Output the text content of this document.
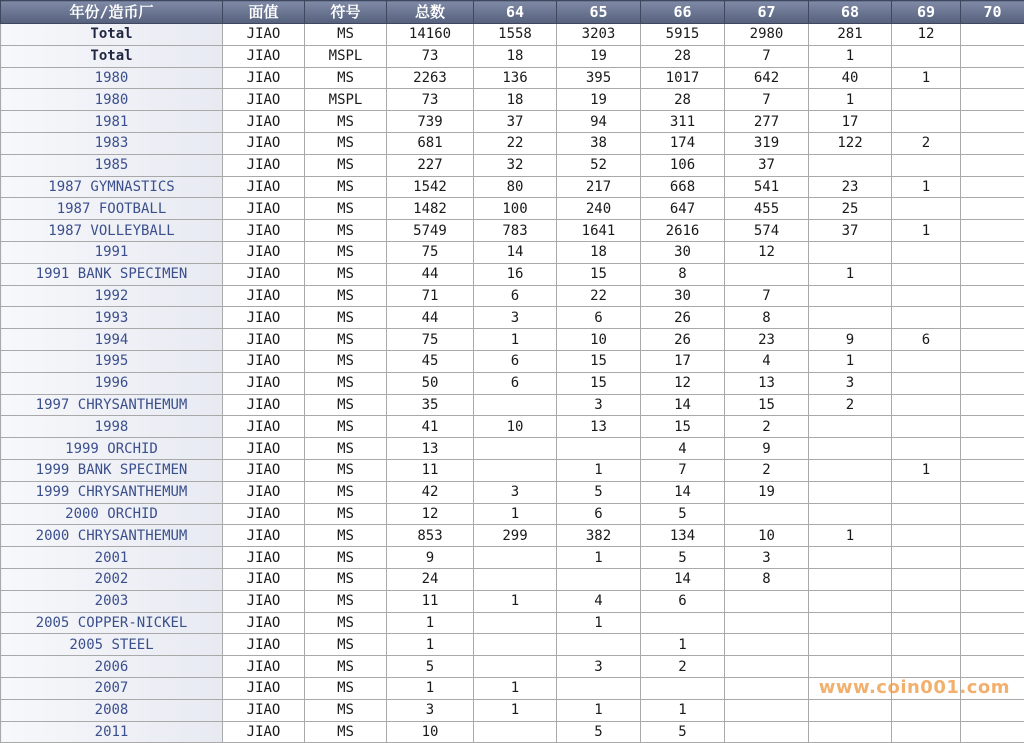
年份/造币厂	面值	符号	总数	64	65	66	67	68	69	70
Total	JIAO	MS	14160	1558	3203	5915	2980	281	12	
Total	JIAO	MSPL	73	18	19	28	7	1		
1980	JIAO	MS	2263	136	395	1017	642	40	1	
1980	JIAO	MSPL	73	18	19	28	7	1		
1981	JIAO	MS	739	37	94	311	277	17		
1983	JIAO	MS	681	22	38	174	319	122	2	
1985	JIAO	MS	227	32	52	106	37			
1987 GYMNASTICS	JIAO	MS	1542	80	217	668	541	23	1	
1987 FOOTBALL	JIAO	MS	1482	100	240	647	455	25		
1987 VOLLEYBALL	JIAO	MS	5749	783	1641	2616	574	37	1	
1991	JIAO	MS	75	14	18	30	12			
1991 BANK SPECIMEN	JIAO	MS	44	16	15	8		1		
1992	JIAO	MS	71	6	22	30	7			
1993	JIAO	MS	44	3	6	26	8			
1994	JIAO	MS	75	1	10	26	23	9	6	
1995	JIAO	MS	45	6	15	17	4	1		
1996	JIAO	MS	50	6	15	12	13	3		
1997 CHRYSANTHEMUM	JIAO	MS	35		3	14	15	2		
1998	JIAO	MS	41	10	13	15	2			
1999 ORCHID	JIAO	MS	13			4	9			
1999 BANK SPECIMEN	JIAO	MS	11		1	7	2		1	
1999 CHRYSANTHEMUM	JIAO	MS	42	3	5	14	19			
2000 ORCHID	JIAO	MS	12	1	6	5				
2000 CHRYSANTHEMUM	JIAO	MS	853	299	382	134	10	1		
2001	JIAO	MS	9		1	5	3			
2002	JIAO	MS	24			14	8			
2003	JIAO	MS	11	1	4	6				
2005 COPPER-NICKEL	JIAO	MS	1		1					
2005 STEEL	JIAO	MS	1			1				
2006	JIAO	MS	5		3	2				
2007	JIAO	MS	1	1						
2008	JIAO	MS	3	1	1	1				
2011	JIAO	MS	10		5	5				
www.coin001.com
